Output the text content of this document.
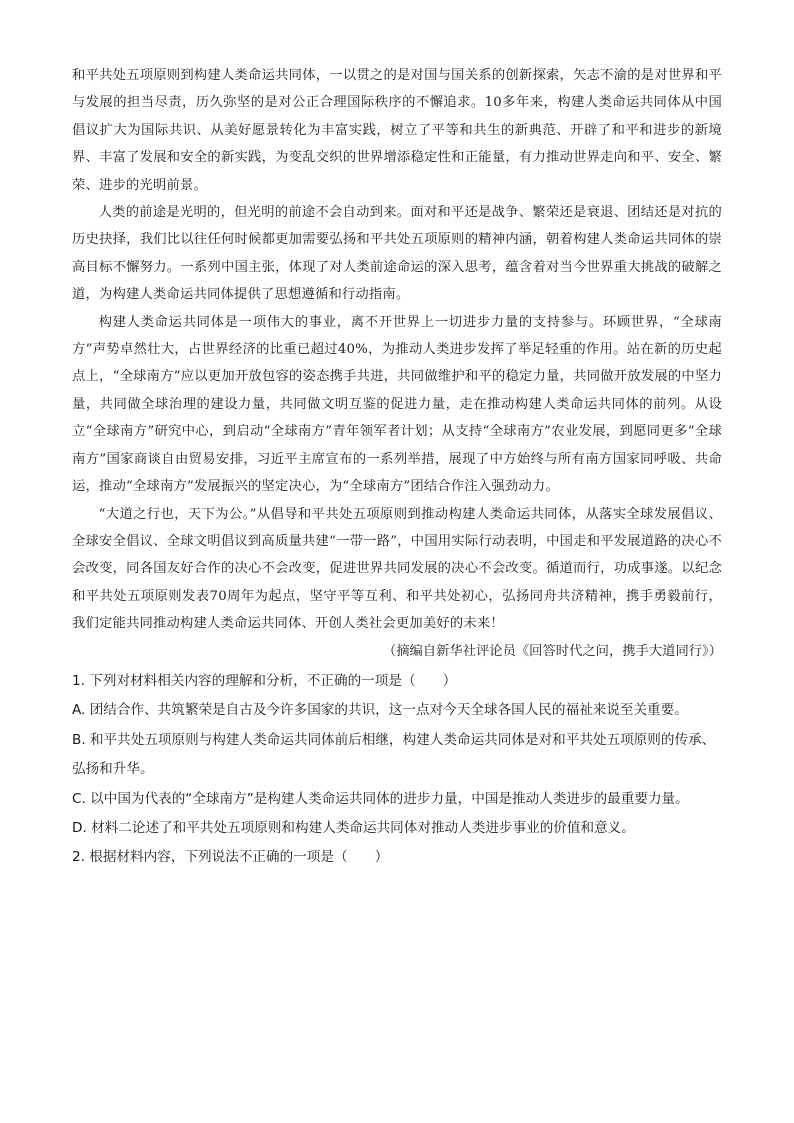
和平共处五项原则到构建人类命运共同体，一以贯之的是对国与国关系的创新探索，矢志不渝的是对世界和平与发展的担当尽责，历久弥坚的是对公正合理国际秩序的不懈追求。10多年来，构建人类命运共同体从中国倡议扩大为国际共识、从美好愿景转化为丰富实践，树立了平等和共生的新典范、开辟了和平和进步的新境界、丰富了发展和安全的新实践，为变乱交织的世界增添稳定性和正能量，有力推动世界走向和平、安全、繁荣、进步的光明前景。

人类的前途是光明的，但光明的前途不会自动到来。面对和平还是战争、繁荣还是衰退、团结还是对抗的历史抉择，我们比以往任何时候都更加需要弘扬和平共处五项原则的精神内涵，朝着构建人类命运共同体的崇高目标不懈努力。一系列中国主张，体现了对人类前途命运的深入思考，蕴含着对当今世界重大挑战的破解之道，为构建人类命运共同体提供了思想遵循和行动指南。

构建人类命运共同体是一项伟大的事业，离不开世界上一切进步力量的支持参与。环顾世界，“全球南方”声势卓然壮大，占世界经济的比重已超过40%，为推动人类进步发挥了举足轻重的作用。站在新的历史起点上，“全球南方”应以更加开放包容的姿态携手共进，共同做维护和平的稳定力量，共同做开放发展的中坚力量，共同做全球治理的建设力量，共同做文明互鉴的促进力量，走在推动构建人类命运共同体的前列。从设立“全球南方”研究中心，到启动“全球南方”青年领军者计划；从支持“全球南方”农业发展，到愿同更多“全球南方”国家商谈自由贸易安排，习近平主席宣布的一系列举措，展现了中方始终与所有南方国家同呼吸、共命运，推动“全球南方”发展振兴的坚定决心，为“全球南方”团结合作注入强劲动力。

“大道之行也，天下为公。”从倡导和平共处五项原则到推动构建人类命运共同体，从落实全球发展倡议、全球安全倡议、全球文明倡议到高质量共建“一带一路”，中国用实际行动表明，中国走和平发展道路的决心不会改变，同各国友好合作的决心不会改变，促进世界共同发展的决心不会改变。循道而行，功成事遂。以纪念和平共处五项原则发表70周年为起点，坚守平等互利、和平共处初心，弘扬同舟共济精神，携手勇毅前行，我们定能共同推动构建人类命运共同体、开创人类社会更加美好的未来！

（摘编自新华社评论员《回答时代之问，携手大道同行》）

1. 下列对材料相关内容的理解和分析，不正确的一项是（　　）

A. 团结合作、共筑繁荣是自古及今许多国家的共识，这一点对今天全球各国人民的福祉来说至关重要。

B. 和平共处五项原则与构建人类命运共同体前后相继，构建人类命运共同体是对和平共处五项原则的传承、弘扬和升华。

C. 以中国为代表的“全球南方”是构建人类命运共同体的进步力量，中国是推动人类进步的最重要力量。

D. 材料二论述了和平共处五项原则和构建人类命运共同体对推动人类进步事业的价值和意义。

2. 根据材料内容，下列说法不正确的一项是（　　）
